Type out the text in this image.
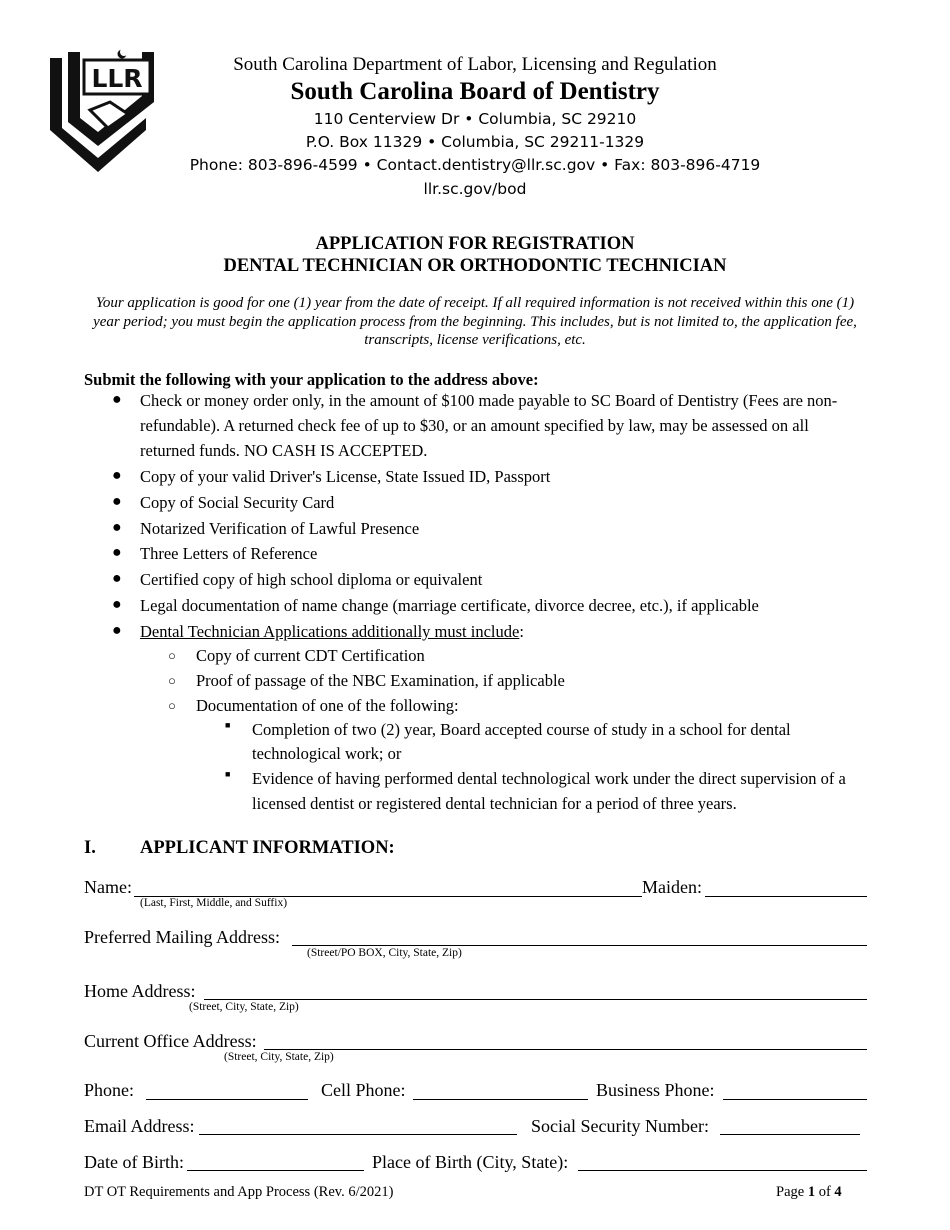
LLR	South Carolina Department of Labor, Licensing and Regulation
South Carolina Board of Dentistry
110 Centerview Dr • Columbia, SC 29210
P.O. Box 11329 • Columbia, SC 29211-1329
Phone: 803-896-4599 • Contact.dentistry@llr.sc.gov • Fax: 803-896-4719
llr.sc.gov/bod
APPLICATION FOR REGISTRATION
DENTAL TECHNICIAN OR ORTHODONTIC TECHNICIAN
Your application is good for one (1) year from the date of receipt. If all required information is not received within this one (1) year period; you must begin the application process from the beginning. This includes, but is not limited to, the application fee, transcripts, license verifications, etc.
Submit the following with your application to the address above:
● Check or money order only, in the amount of $100 made payable to SC Board of Dentistry (Fees are non-
refundable). A returned check fee of up to $30, or an amount specified by law, may be assessed on all
returned funds. NO CASH IS ACCEPTED.
● Copy of your valid Driver's License, State Issued ID, Passport
● Copy of Social Security Card
● Notarized Verification of Lawful Presence
● Three Letters of Reference
● Certified copy of high school diploma or equivalent
● Legal documentation of name change (marriage certificate, divorce decree, etc.), if applicable
● Dental Technician Applications additionally must include:
○ Copy of current CDT Certification
○ Proof of passage of the NBC Examination, if applicable
○ Documentation of one of the following:
■ Completion of two (2) year, Board accepted course of study in a school for dental
technological work; or
■ Evidence of having performed dental technological work under the direct supervision of a
licensed dentist or registered dental technician for a period of three years.
I. APPLICANT INFORMATION:
Name:
(Last, First, Middle, and Suffix)
Maiden:
Preferred Mailing Address:
(Street/PO BOX, City, State, Zip)
Home Address:
(Street, City, State, Zip)
Current Office Address:
(Street, City, State, Zip)
Phone:	Cell Phone:	Business Phone:
Email Address:	Social Security Number:
Date of Birth:	Place of Birth (City, State):
DT OT Requirements and App Process (Rev. 6/2021)	Page 1 of 4
